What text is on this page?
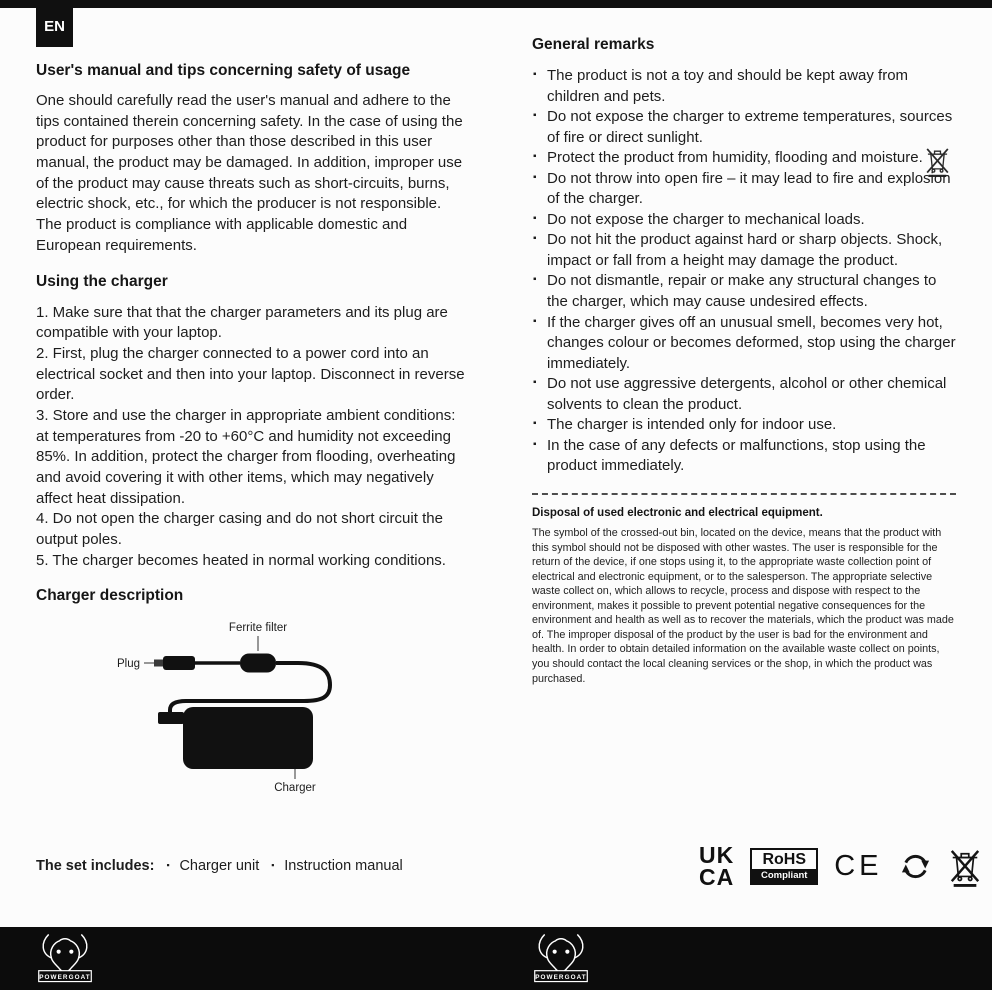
EN
User's manual and tips concerning safety of usage

One should carefully read the user's manual and adhere to the tips contained therein concerning safety. In the case of using the product for purposes other than those described in this user manual, the product may be damaged. In addition, improper use of the product may cause threats such as short-circuits, burns, electric shock, etc., for which the producer is not responsible. The product is compliance with applicable domestic and European requirements.

Using the charger

1. Make sure that that the charger parameters and its plug are compatible with your laptop.

2. First, plug the charger connected to a power cord into an electrical socket and then into your laptop. Disconnect in reverse order.

3. Store and use the charger in appropriate ambient conditions: at temperatures from -20 to +60°C and humidity not exceeding 85%. In addition, protect the charger from flooding, overheating and avoid covering it with other items, which may negatively affect heat dissipation.

4. Do not open the charger casing and do not short circuit the output poles.

5. The charger becomes heated in normal working conditions.

Charger description
Ferrite filter
Plug
Charger
The set includes:	▪ Charger unit	▪ Instruction manual
General remarks
▪ The product is not a toy and should be kept away from children and pets.
▪ Do not expose the charger to extreme temperatures, sources of fire or direct sunlight.
▪ Protect the product from humidity, flooding and moisture.
▪ Do not throw into open fire – it may lead to fire and explosion of the charger.
▪ Do not expose the charger to mechanical loads.
▪ Do not hit the product against hard or sharp objects. Shock, impact or fall from a height may damage the product.
▪ Do not dismantle, repair or make any structural changes to the charger, which may cause undesired effects.
▪ If the charger gives off an unusual smell, becomes very hot, changes colour or becomes deformed, stop using the charger immediately.
▪ Do not use aggressive detergents, alcohol or other chemical solvents to clean the product.
▪ The charger is intended only for indoor use.
▪ In the case of any defects or malfunctions, stop using the product immediately.

Disposal of used electronic and electrical equipment.

The symbol of the crossed-out bin, located on the device, means that the product with this symbol should not be disposed with other wastes. The user is responsible for the return of the device, if one stops using it, to the appropriate waste collection point of electrical and electronic equipment, or to the salesperson. The appropriate selective waste collect on, which allows to recycle, process and dispose with respect to the environment, makes it possible to prevent potential negative consequences for the environment and health as well as to recover the materials, which the product was made of. The improper disposal of the product by the user is bad for the environment and health. In order to obtain detailed information on the available waste collect on points, you should contact the local cleaning services or the shop, in which the product was purchased.

UK
CA
RoHS
Compliant CE
POWERGOAT	POWERGOAT
